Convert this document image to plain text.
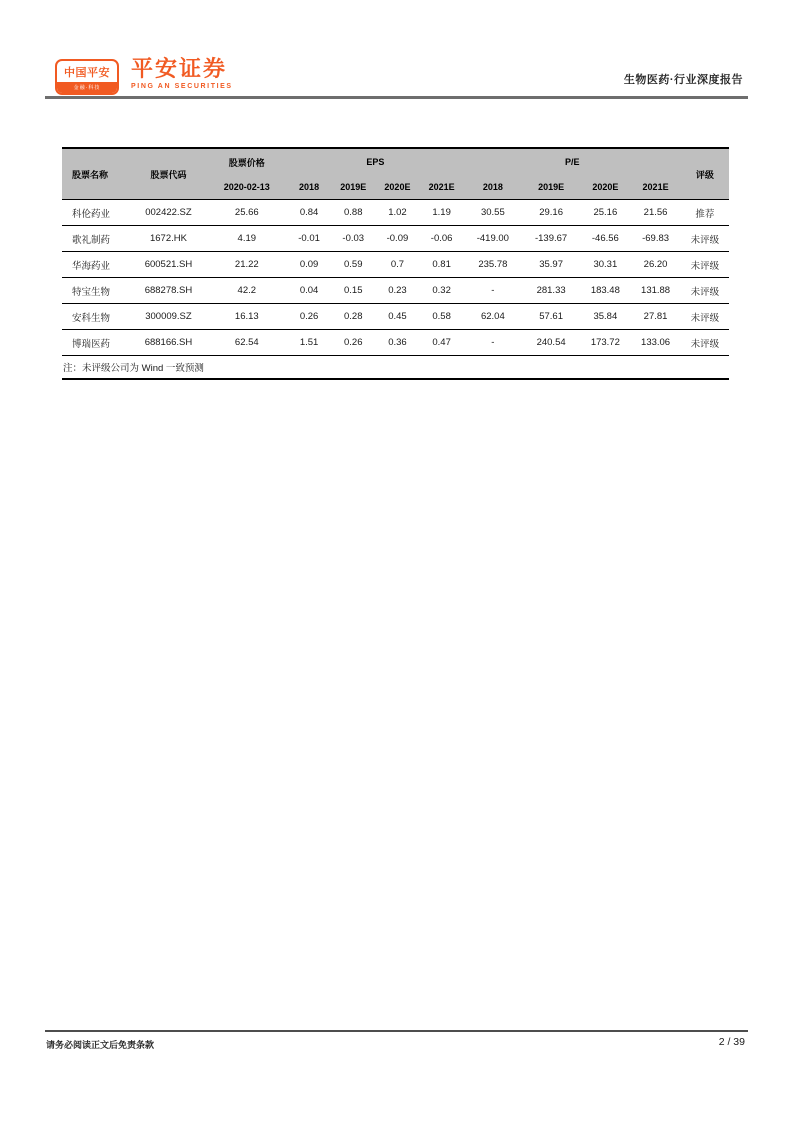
中国平安
金融·科技
平安证券
PING AN SECURITIES
生物医药·行业深度报告
股票名称	股票代码	股票价格	EPS				P/E				评级
		2020-02-13	2018	2019E	2020E	2021E	2018	2019E	2020E	2021E	
科伦药业	002422.SZ	25.66	0.84	0.88	1.02	1.19	30.55	29.16	25.16	21.56	推荐
歌礼制药	1672.HK	4.19	-0.01	-0.03	-0.09	-0.06	-419.00	-139.67	-46.56	-69.83	未评级
华海药业	600521.SH	21.22	0.09	0.59	0.7	0.81	235.78	35.97	30.31	26.20	未评级
特宝生物	688278.SH	42.2	0.04	0.15	0.23	0.32	-	281.33	183.48	131.88	未评级
安科生物	300009.SZ	16.13	0.26	0.28	0.45	0.58	62.04	57.61	35.84	27.81	未评级
博瑞医药	688166.SH	62.54	1.51	0.26	0.36	0.47	-	240.54	173.72	133.06	未评级
注：未评级公司为 Wind 一致预测											
请务必阅读正文后免责条款	2 / 39
